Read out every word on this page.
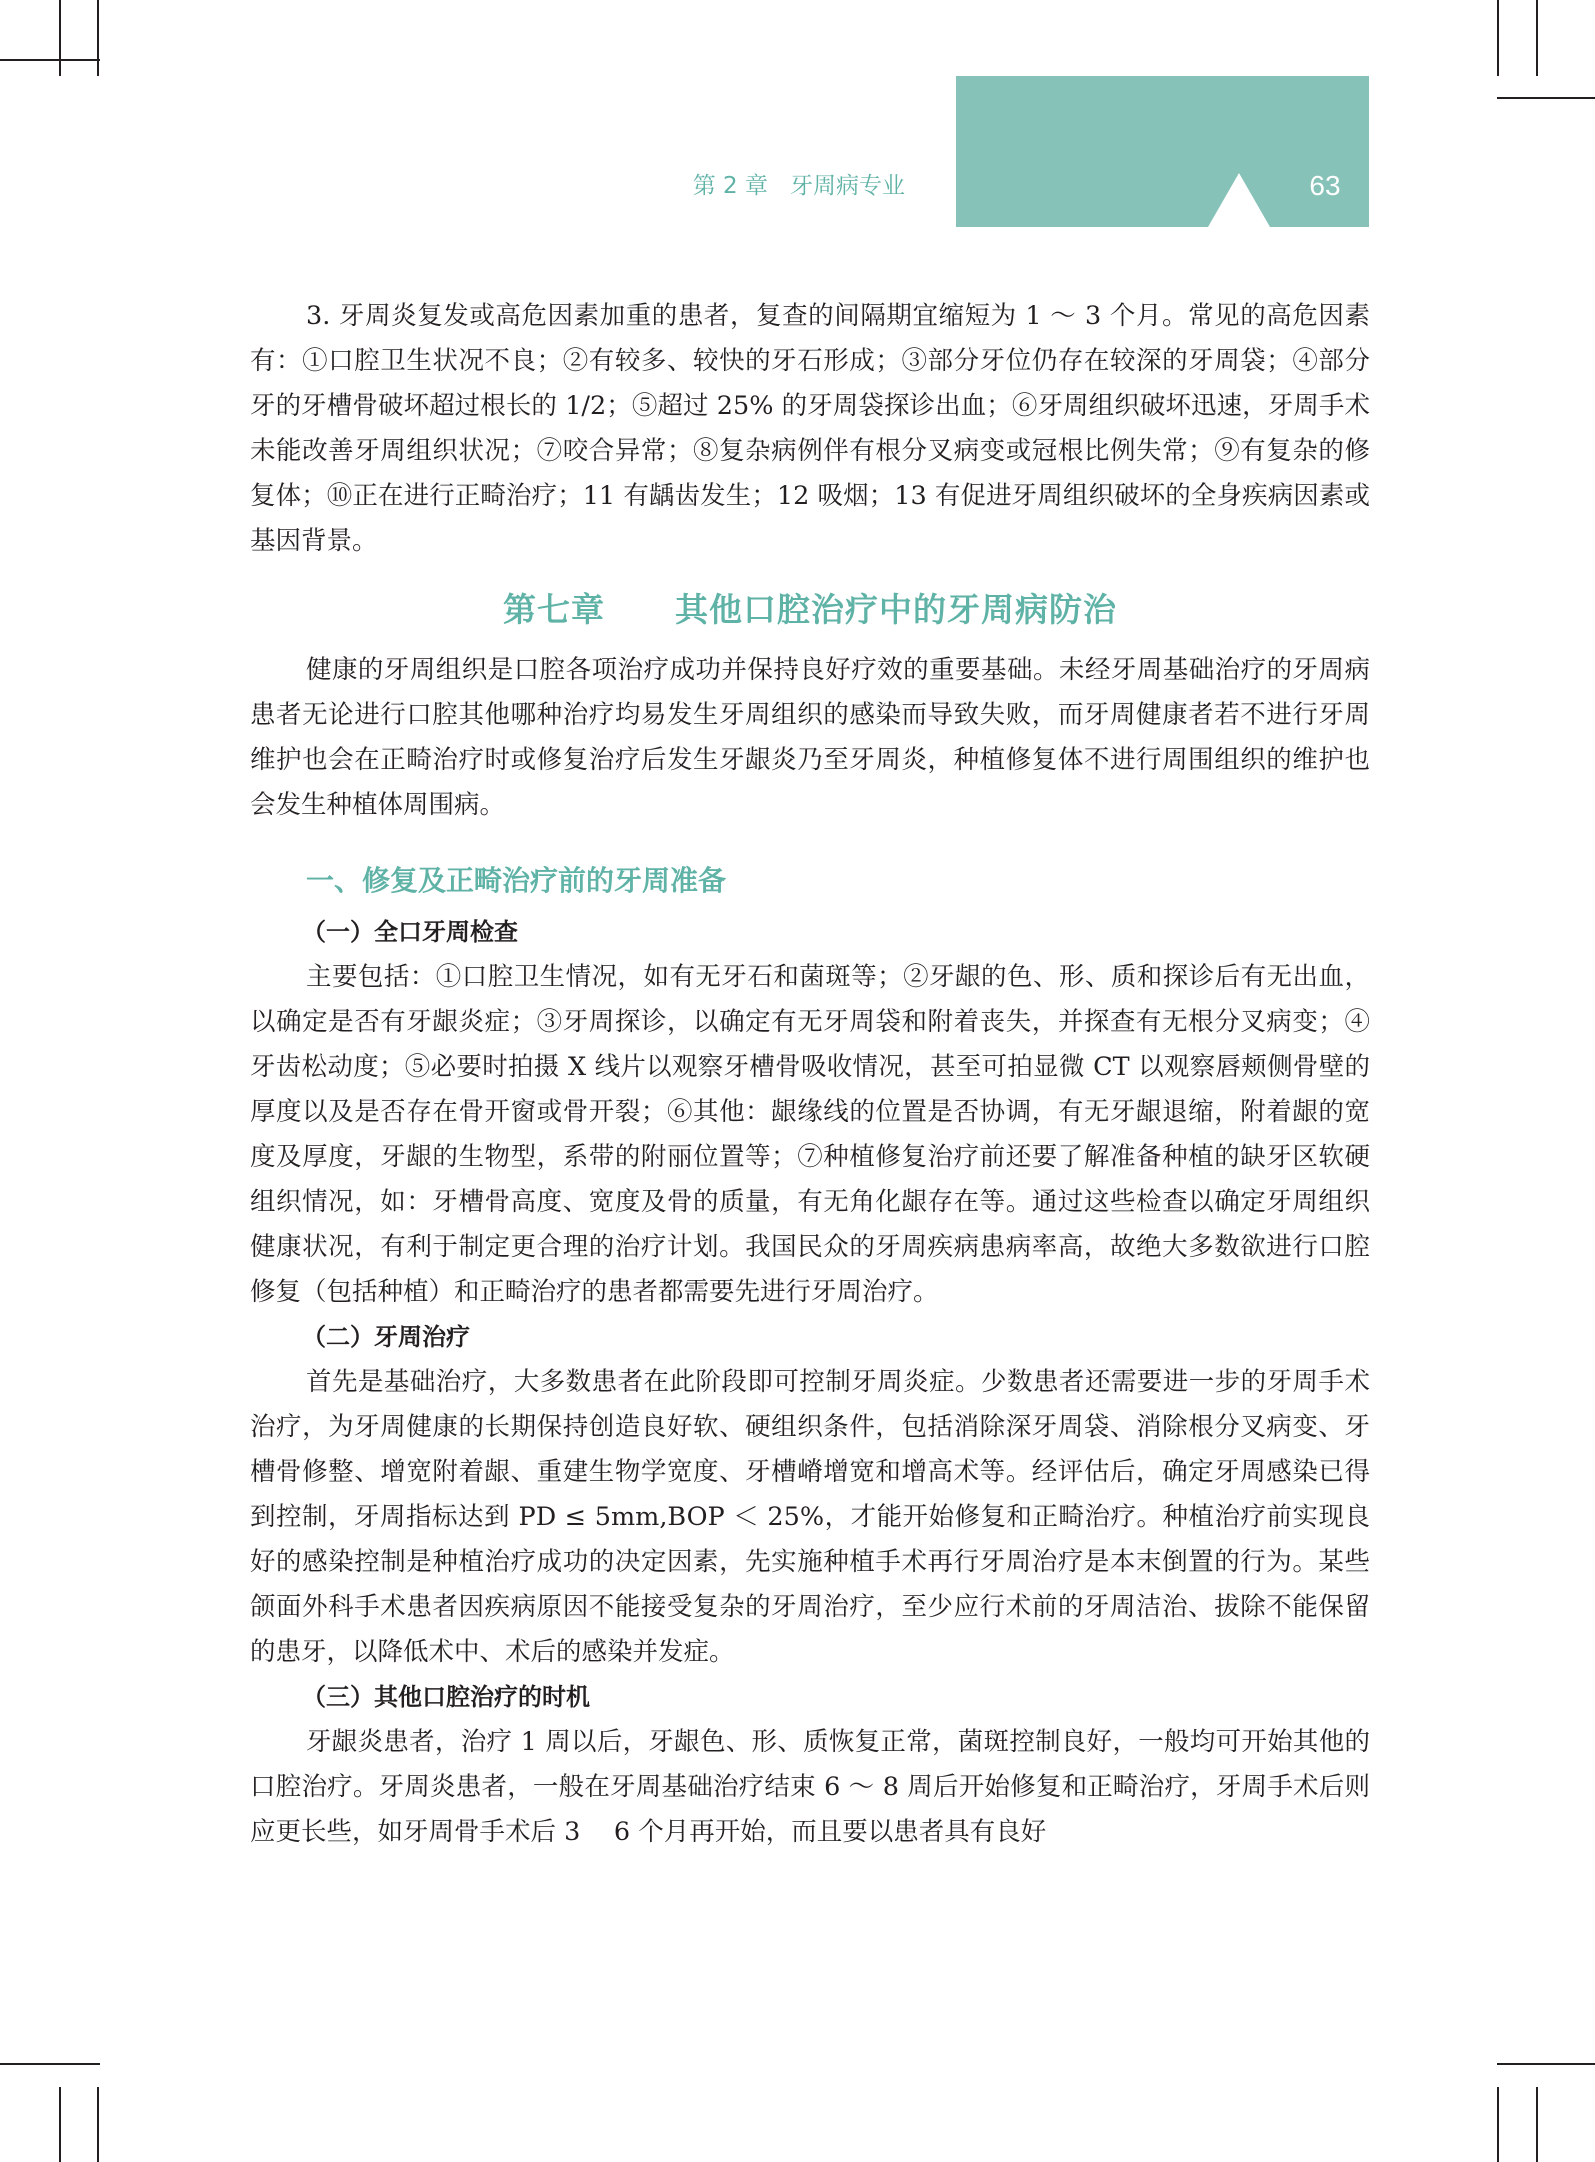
63
第 2 章 牙周病专业

3. 牙周炎复发或高危因素加重的患者，复查的间隔期宜缩短为 1 ～ 3 个月。常见的高危因素有：①口腔卫生状况不良；②有较多、较快的牙石形成；③部分牙位仍存在较深的牙周袋；④部分牙的牙槽骨破坏超过根长的 1/2；⑤超过 25% 的牙周袋探诊出血；⑥牙周组织破坏迅速，牙周手术未能改善牙周组织状况；⑦咬合异常；⑧复杂病例伴有根分叉病变或冠根比例失常；⑨有复杂的修复体；⑩正在进行正畸治疗；11 有龋齿发生；12 吸烟；13 有促进牙周组织破坏的全身疾病因素或基因背景。

第七章 其他口腔治疗中的牙周病防治

健康的牙周组织是口腔各项治疗成功并保持良好疗效的重要基础。未经牙周基础治疗的牙周病患者无论进行口腔其他哪种治疗均易发生牙周组织的感染而导致失败，而牙周健康者若不进行牙周维护也会在正畸治疗时或修复治疗后发生牙龈炎乃至牙周炎，种植修复体不进行周围组织的维护也会发生种植体周围病。

一、修复及正畸治疗前的牙周准备
（一）全口牙周检查

主要包括：①口腔卫生情况，如有无牙石和菌斑等；②牙龈的色、形、质和探诊后有无出血，以确定是否有牙龈炎症；③牙周探诊，以确定有无牙周袋和附着丧失，并探查有无根分叉病变；④牙齿松动度；⑤必要时拍摄 X 线片以观察牙槽骨吸收情况，甚至可拍显微 CT 以观察唇颊侧骨壁的厚度以及是否存在骨开窗或骨开裂；⑥其他：龈缘线的位置是否协调，有无牙龈退缩，附着龈的宽度及厚度，牙龈的生物型，系带的附丽位置等；⑦种植修复治疗前还要了解准备种植的缺牙区软硬组织情况，如：牙槽骨高度、宽度及骨的质量，有无角化龈存在等。通过这些检查以确定牙周组织健康状况，有利于制定更合理的治疗计划。我国民众的牙周疾病患病率高，故绝大多数欲进行口腔修复（包括种植）和正畸治疗的患者都需要先进行牙周治疗。

（二）牙周治疗

首先是基础治疗，大多数患者在此阶段即可控制牙周炎症。少数患者还需要进一步的牙周手术治疗，为牙周健康的长期保持创造良好软、硬组织条件，包括消除深牙周袋、消除根分叉病变、牙槽骨修整、增宽附着龈、重建生物学宽度、牙槽嵴增宽和增高术等。经评估后，确定牙周感染已得到控制，牙周指标达到 PD ≤ 5mm,BOP ＜ 25%，才能开始修复和正畸治疗。种植治疗前实现良好的感染控制是种植治疗成功的决定因素，先实施种植手术再行牙周治疗是本末倒置的行为。某些颌面外科手术患者因疾病原因不能接受复杂的牙周治疗，至少应行术前的牙周洁治、拔除不能保留的患牙，以降低术中、术后的感染并发症。

（三）其他口腔治疗的时机

牙龈炎患者，治疗 1 周以后，牙龈色、形、质恢复正常，菌斑控制良好，一般均可开始其他的口腔治疗。牙周炎患者，一般在牙周基础治疗结束 6 ～ 8 周后开始修复和正畸治疗，牙周手术后则应更长些，如牙周骨手术后 3　 6 个月再开始，而且要以患者具有良好
